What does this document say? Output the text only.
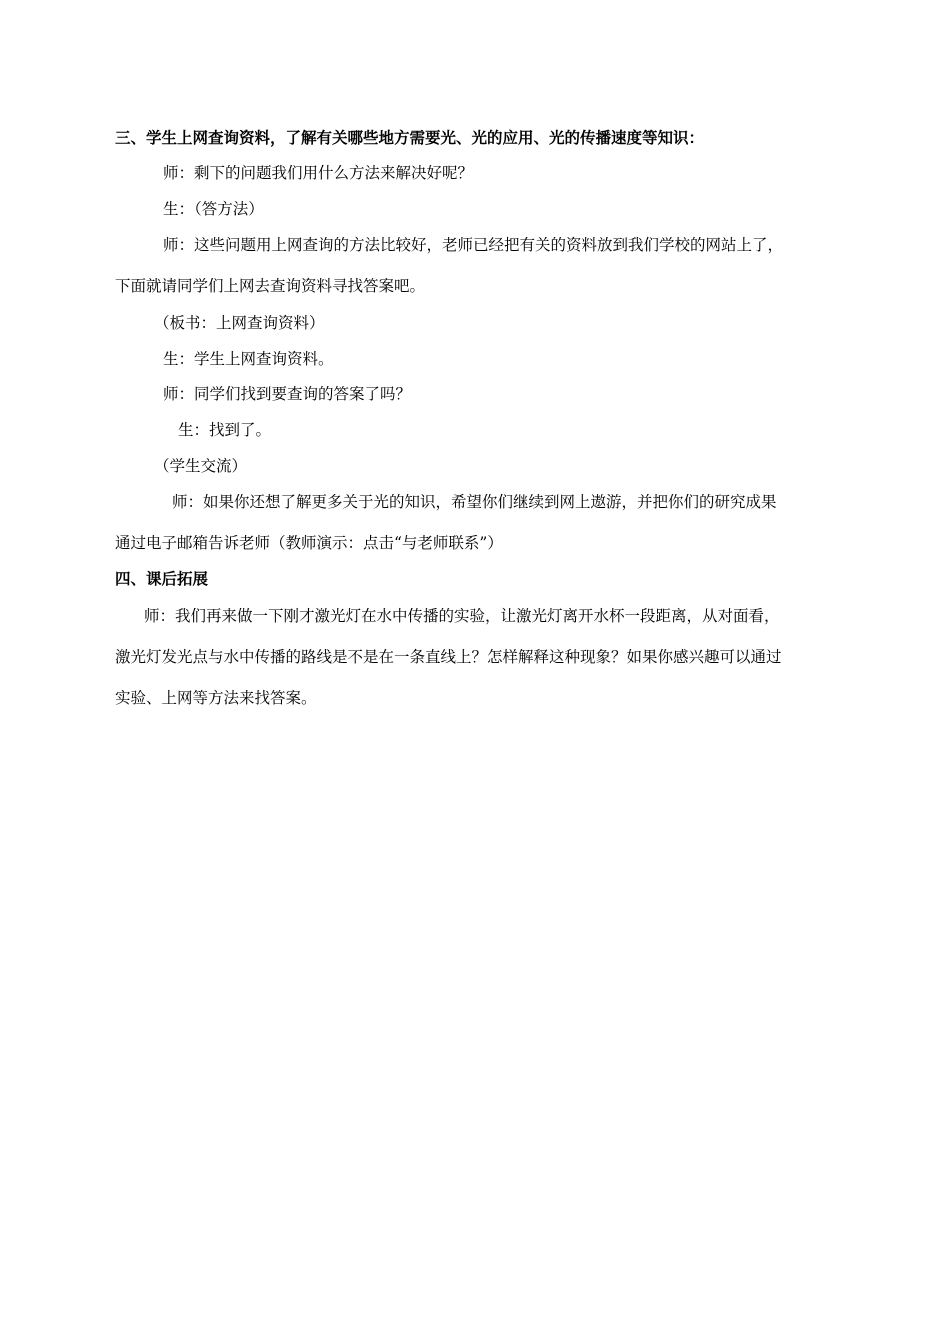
三、学生上网查询资料，了解有关哪些地方需要光、光的应用、光的传播速度等知识：
师：剩下的问题我们用什么方法来解决好呢？
生：（答方法）
师：这些问题用上网查询的方法比较好，老师已经把有关的资料放到我们学校的网站上了，
下面就请同学们上网去查询资料寻找答案吧。
（板书：上网查询资料）
生：学生上网查询资料。
师：同学们找到要查询的答案了吗？
生：找到了。
（学生交流）
师：如果你还想了解更多关于光的知识，希望你们继续到网上遨游，并把你们的研究成果
通过电子邮箱告诉老师（教师演示：点击“与老师联系”）
四、课后拓展
师：我们再来做一下刚才激光灯在水中传播的实验，让激光灯离开水杯一段距离，从对面看，
激光灯发光点与水中传播的路线是不是在一条直线上？怎样解释这种现象？如果你感兴趣可以通过
实验、上网等方法来找答案。
